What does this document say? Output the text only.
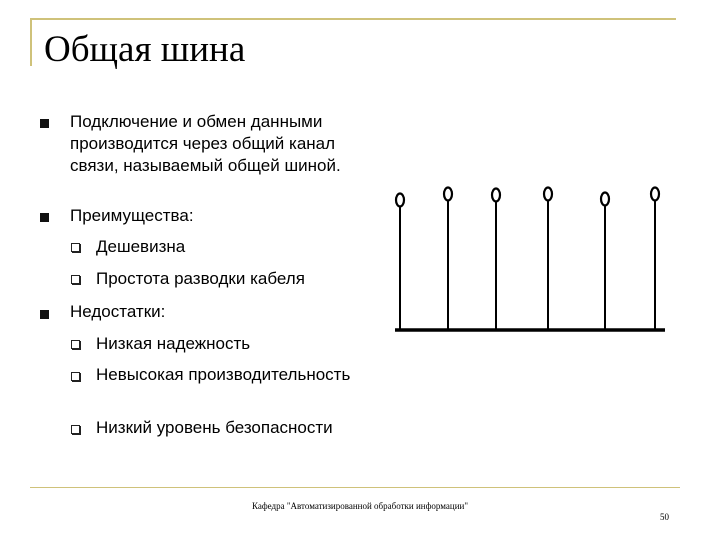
Общая шина
Подключение и обмен данными производится через общий канал связи, называемый общей шиной.
Преимущества:
Дешевизна
Простота разводки кабеля
Недостатки:
Низкая надежность
Невысокая производительность
Низкий уровень безопасности
Кафедра "Автоматизированной обработки информации"
50
